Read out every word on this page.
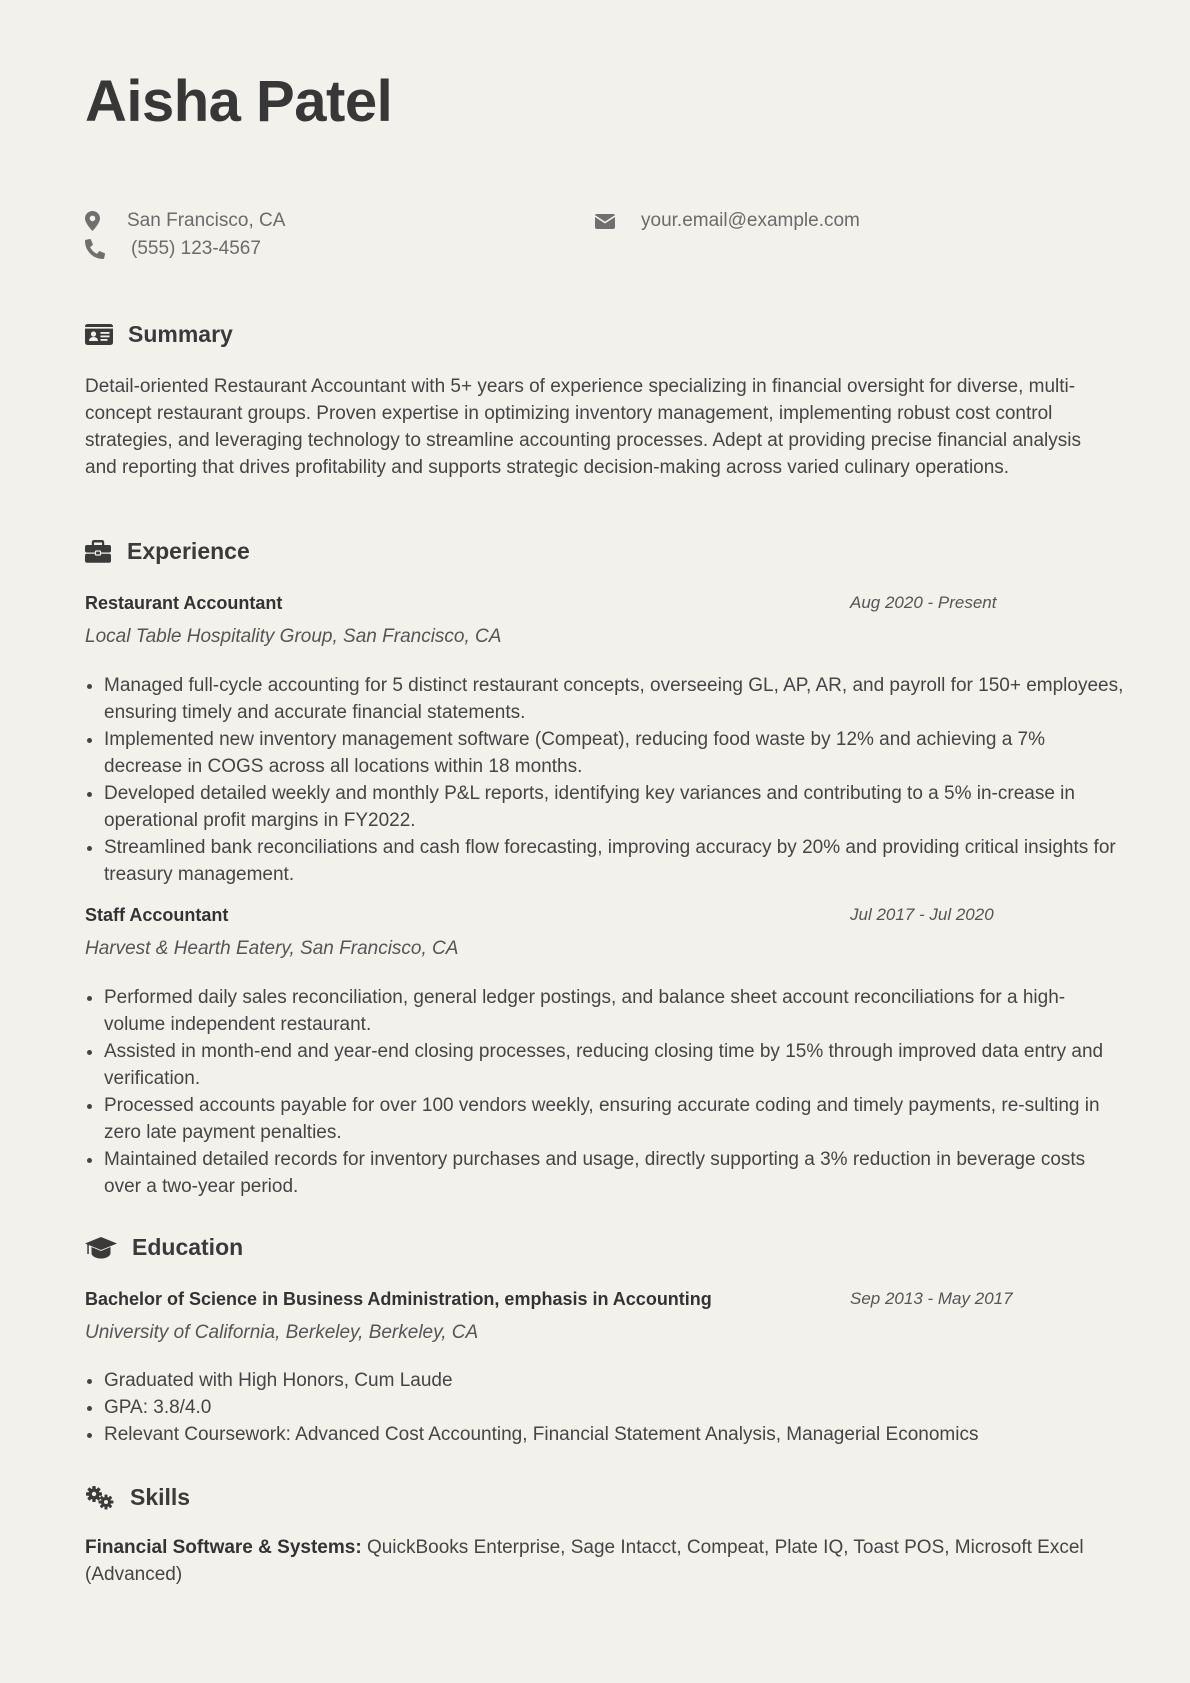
Aisha Patel
San Francisco, CA	your.email@example.com
(555) 123-4567
Summary

Detail-oriented Restaurant Accountant with 5+ years of experience specializing in financial oversight for diverse, multi-concept restaurant groups. Proven expertise in optimizing inventory management, implementing robust cost control strategies, and leveraging technology to streamline accounting processes. Adept at providing precise financial analysis and reporting that drives profitability and supports strategic decision-making across varied culinary operations.

Experience
Restaurant Accountant	Aug 2020 - Present
Local Table Hospitality Group, San Francisco, CA
• Managed full-cycle accounting for 5 distinct restaurant concepts, overseeing GL, AP, AR, and payroll for 150+ employees, ensuring timely and accurate financial statements.
• Implemented new inventory management software (Compeat), reducing food waste by 12% and achieving a 7% decrease in COGS across all locations within 18 months.
• Developed detailed weekly and monthly P&L reports, identifying key variances and contributing to a 5% in-crease in operational profit margins in FY2022.
• Streamlined bank reconciliations and cash flow forecasting, improving accuracy by 20% and providing critical insights for treasury management.
Staff Accountant	Jul 2017 - Jul 2020
Harvest & Hearth Eatery, San Francisco, CA
• Performed daily sales reconciliation, general ledger postings, and balance sheet account reconciliations for a high-volume independent restaurant.
• Assisted in month-end and year-end closing processes, reducing closing time by 15% through improved data entry and verification.
• Processed accounts payable for over 100 vendors weekly, ensuring accurate coding and timely payments, re-sulting in zero late payment penalties.
• Maintained detailed records for inventory purchases and usage, directly supporting a 3% reduction in beverage costs over a two-year period.
Education
Bachelor of Science in Business Administration, emphasis in Accounting	Sep 2013 - May 2017
University of California, Berkeley, Berkeley, CA
• Graduated with High Honors, Cum Laude
• GPA: 3.8/4.0
• Relevant Coursework: Advanced Cost Accounting, Financial Statement Analysis, Managerial Economics
Skills

Financial Software & Systems: QuickBooks Enterprise, Sage Intacct, Compeat, Plate IQ, Toast POS, Microsoft Excel (Advanced)
